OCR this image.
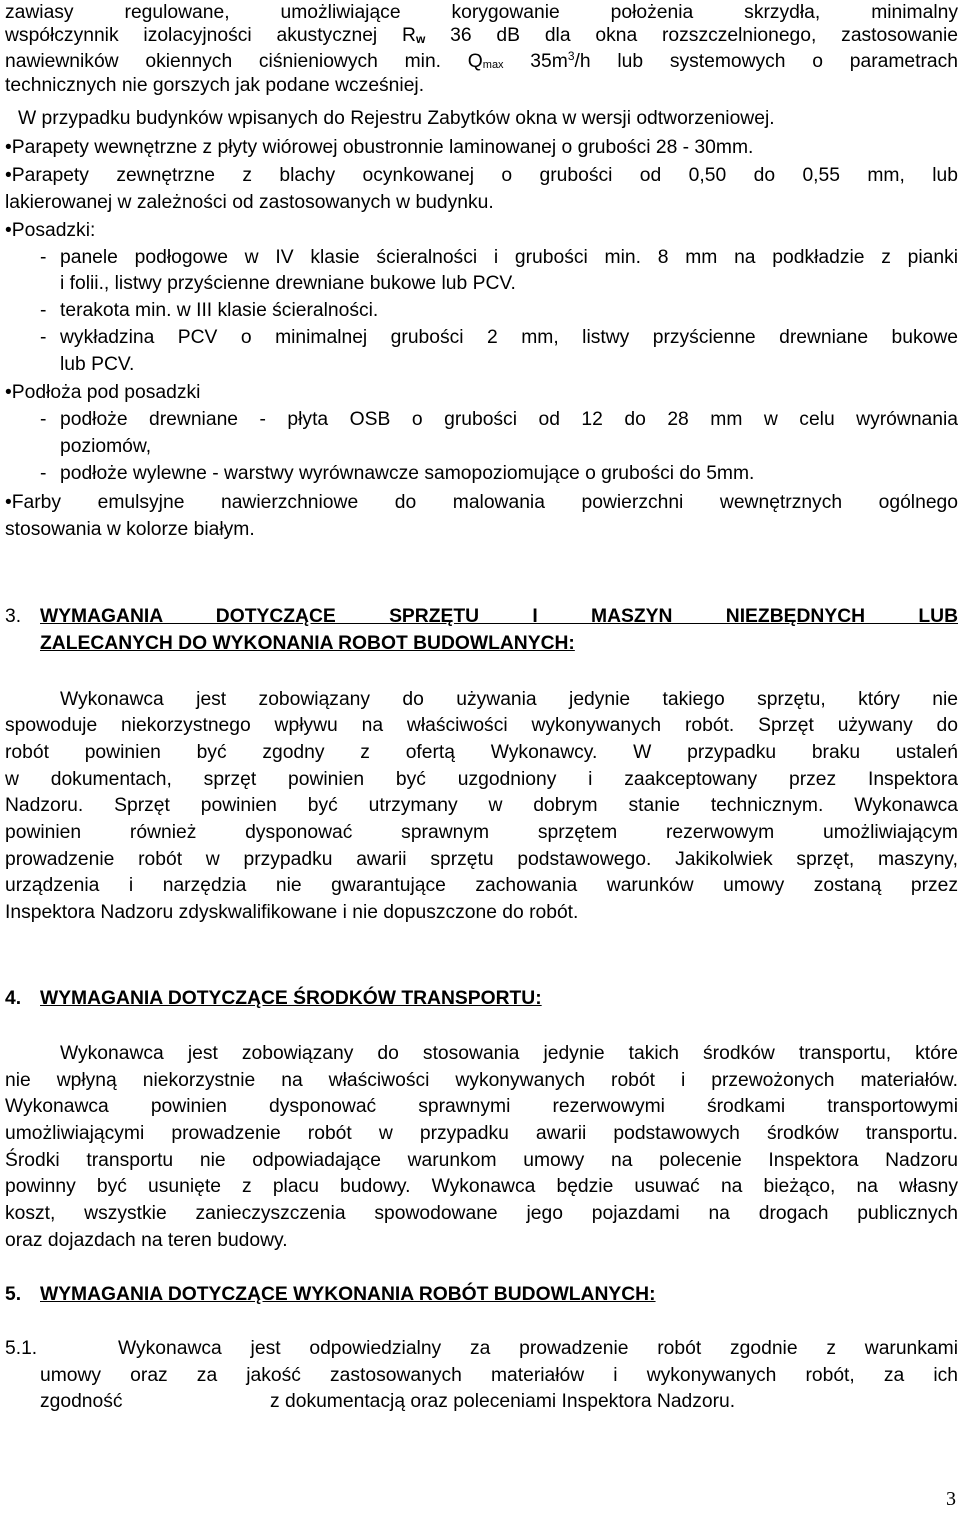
zawiasy regulowane, umożliwiające korygowanie położenia skrzydła, minimalny
współczynnik izolacyjności akustycznej Rw 36 dB dla okna rozszczelnionego, zastosowanie
nawiewników okiennych ciśnieniowych min. $Q_{max}$ $35m^3/h$ lub systemowych o parametrach
technicznych nie gorszych jak podane wcześniej.
W przypadku budynków wpisanych do Rejestru Zabytków okna w wersji odtworzeniowej.
•Parapety wewnętrzne z płyty wiórowej obustronnie laminowanej o grubości 28 - 30mm.
•Parapety zewnętrzne z blachy ocynkowanej o grubości od 0,50 do 0,55 mm, lub
lakierowanej w zależności od zastosowanych w budynku.
•Posadzki:
- panele podłogowe w IV klasie ścieralności i grubości min. 8 mm na podkładzie z pianki
i folii., listwy przyścienne drewniane bukowe lub PCV.
- terakota min. w III klasie ścieralności.
- wykładzina PCV o minimalnej grubości 2 mm, listwy przyścienne drewniane bukowe
lub PCV.
•Podłoża pod posadzki
- podłoże drewniane - płyta OSB o grubości od 12 do 28 mm w celu wyrównania
poziomów,
- podłoże wylewne - warstwy wyrównawcze samopoziomujące o grubości do 5mm.
•Farby emulsyjne nawierzchniowe do malowania powierzchni wewnętrznych ogólnego
stosowania w kolorze białym.
3. WYMAGANIA DOTYCZĄCE SPRZĘTU I MASZYN NIEZBĘDNYCH LUB
ZALECANYCH DO WYKONANIA ROBOT BUDOWLANYCH:
Wykonawca jest zobowiązany do używania jedynie takiego sprzętu, który nie
spowoduje niekorzystnego wpływu na właściwości wykonywanych robót. Sprzęt używany do
robót powinien być zgodny z ofertą Wykonawcy. W przypadku braku ustaleń
w dokumentach, sprzęt powinien być uzgodniony i zaakceptowany przez Inspektora
Nadzoru. Sprzęt powinien być utrzymany w dobrym stanie technicznym. Wykonawca
powinien również dysponować sprawnym sprzętem rezerwowym umożliwiającym
prowadzenie robót w przypadku awarii sprzętu podstawowego. Jakikolwiek sprzęt, maszyny,
urządzenia i narzędzia nie gwarantujące zachowania warunków umowy zostaną przez
Inspektora Nadzoru zdyskwalifikowane i nie dopuszczone do robót.
4. WYMAGANIA DOTYCZĄCE ŚRODKÓW TRANSPORTU:
Wykonawca jest zobowiązany do stosowania jedynie takich środków transportu, które
nie wpłyną niekorzystnie na właściwości wykonywanych robót i przewożonych materiałów.
Wykonawca powinien dysponować sprawnymi rezerwowymi środkami transportowymi
umożliwiającymi prowadzenie robót w przypadku awarii podstawowych środków transportu.
Środki transportu nie odpowiadające warunkom umowy na polecenie Inspektora Nadzoru
powinny być usunięte z placu budowy. Wykonawca będzie usuwać na bieżąco, na własny
koszt, wszystkie zanieczyszczenia spowodowane jego pojazdami na drogach publicznych
oraz dojazdach na teren budowy.
5. WYMAGANIA DOTYCZĄCE WYKONANIA ROBÓT BUDOWLANYCH:
5.1.	Wykonawca jest odpowiedzialny za prowadzenie robót zgodnie z warunkami
umowy oraz za jakość zastosowanych materiałów i wykonywanych robót, za ich
zgodność	z dokumentacją oraz poleceniami Inspektora Nadzoru.
3
